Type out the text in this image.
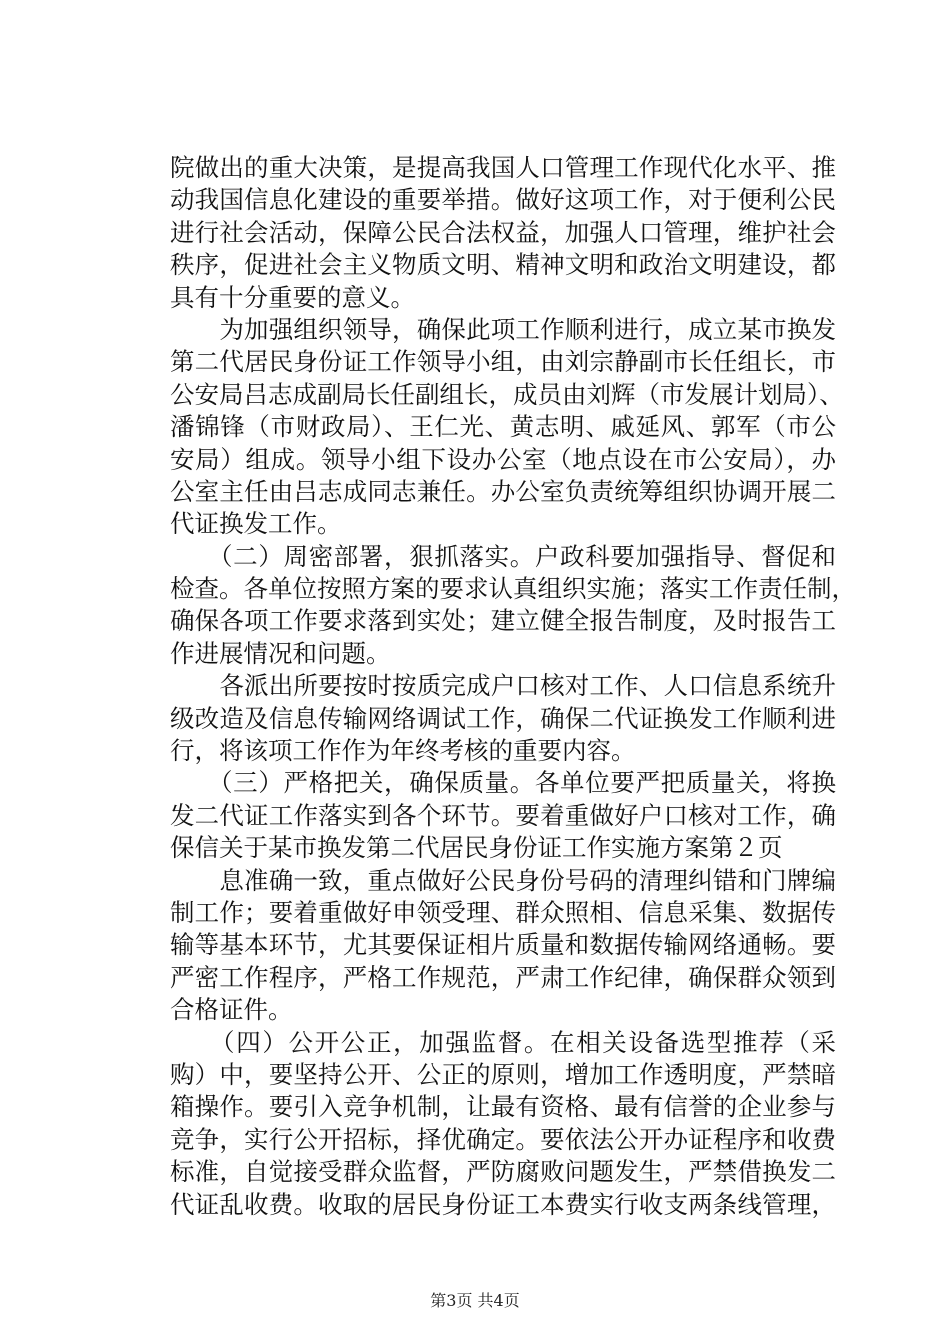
院做出的重大决策，是提高我国人口管理工作现代化水平、推
动我国信息化建设的重要举措。做好这项工作，对于便利公民
进行社会活动，保障公民合法权益，加强人口管理，维护社会
秩序，促进社会主义物质文明、精神文明和政治文明建设，都
具有十分重要的意义。
　　为加强组织领导，确保此项工作顺利进行，成立某市换发
第二代居民身份证工作领导小组，由刘宗静副市长任组长，市
公安局吕志成副局长任副组长，成员由刘辉（市发展计划局）、
潘锦锋（市财政局）、王仁光、黄志明、戚延风、郭军（市公
安局）组成。领导小组下设办公室（地点设在市公安局），办
公室主任由吕志成同志兼任。办公室负责统筹组织协调开展二
代证换发工作。
　　（二）周密部署，狠抓落实。户政科要加强指导、督促和
检查。各单位按照方案的要求认真组织实施；落实工作责任制，
确保各项工作要求落到实处；建立健全报告制度，及时报告工
作进展情况和问题。
　　各派出所要按时按质完成户口核对工作、人口信息系统升
级改造及信息传输网络调试工作，确保二代证换发工作顺利进
行，将该项工作作为年终考核的重要内容。
　　（三）严格把关，确保质量。各单位要严把质量关，将换
发二代证工作落实到各个环节。要着重做好户口核对工作，确
保信关于某市换发第二代居民身份证工作实施方案第２页
　　息准确一致，重点做好公民身份号码的清理纠错和门牌编
制工作；要着重做好申领受理、群众照相、信息采集、数据传
输等基本环节，尤其要保证相片质量和数据传输网络通畅。要
严密工作程序，严格工作规范，严肃工作纪律，确保群众领到
合格证件。
　　（四）公开公正，加强监督。在相关设备选型推荐（采
购）中，要坚持公开、公正的原则，增加工作透明度，严禁暗
箱操作。要引入竞争机制，让最有资格、最有信誉的企业参与
竞争，实行公开招标，择优确定。要依法公开办证程序和收费
标准，自觉接受群众监督，严防腐败问题发生，严禁借换发二
代证乱收费。收取的居民身份证工本费实行收支两条线管理，
第3页 共4页
